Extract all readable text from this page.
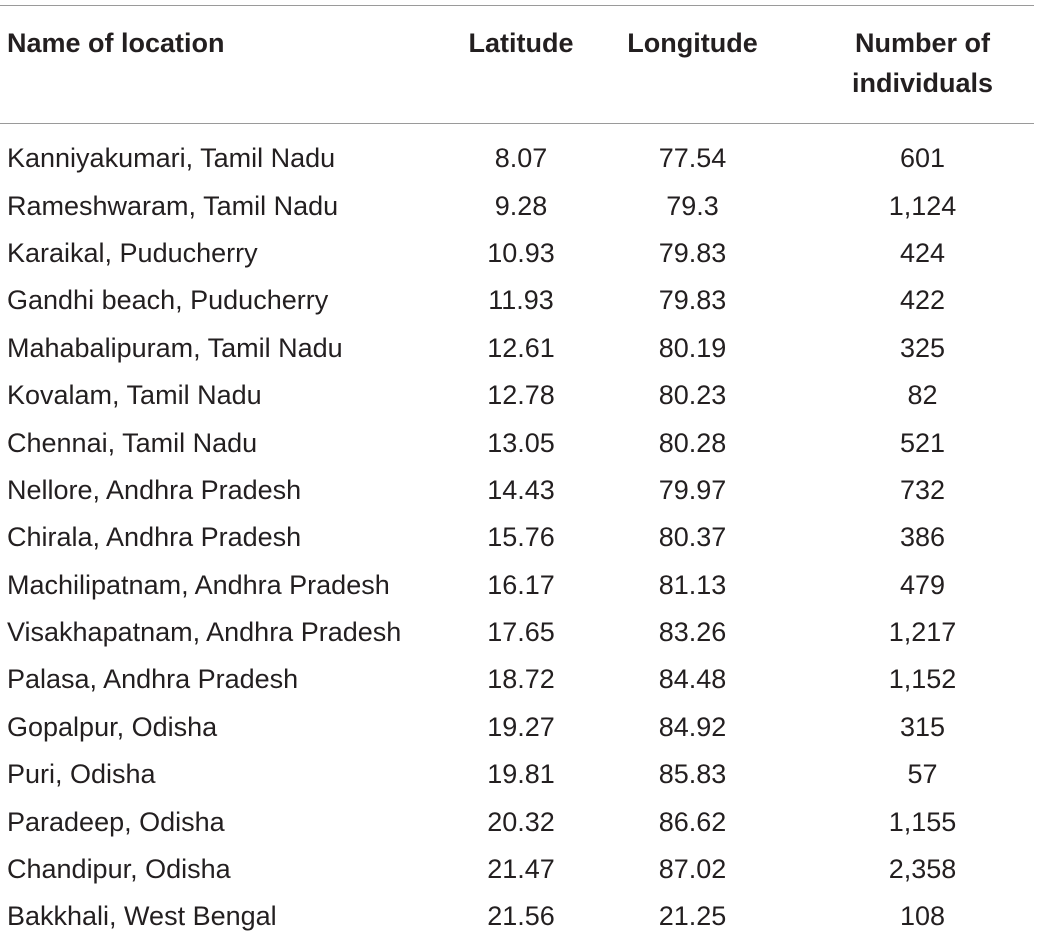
Name of location	Latitude	Longitude	Number of
individuals

Kanniyakumari, Tamil Nadu	8.07	77.54	601
Rameshwaram, Tamil Nadu	9.28	79.3	1,124
Karaikal, Puducherry	10.93	79.83	424
Gandhi beach, Puducherry	11.93	79.83	422
Mahabalipuram, Tamil Nadu	12.61	80.19	325
Kovalam, Tamil Nadu	12.78	80.23	82
Chennai, Tamil Nadu	13.05	80.28	521
Nellore, Andhra Pradesh	14.43	79.97	732
Chirala, Andhra Pradesh	15.76	80.37	386
Machilipatnam, Andhra Pradesh	16.17	81.13	479
Visakhapatnam, Andhra Pradesh	17.65	83.26	1,217
Palasa, Andhra Pradesh	18.72	84.48	1,152
Gopalpur, Odisha	19.27	84.92	315
Puri, Odisha	19.81	85.83	57
Paradeep, Odisha	20.32	86.62	1,155
Chandipur, Odisha	21.47	87.02	2,358
Bakkhali, West Bengal	21.56	21.25	108
